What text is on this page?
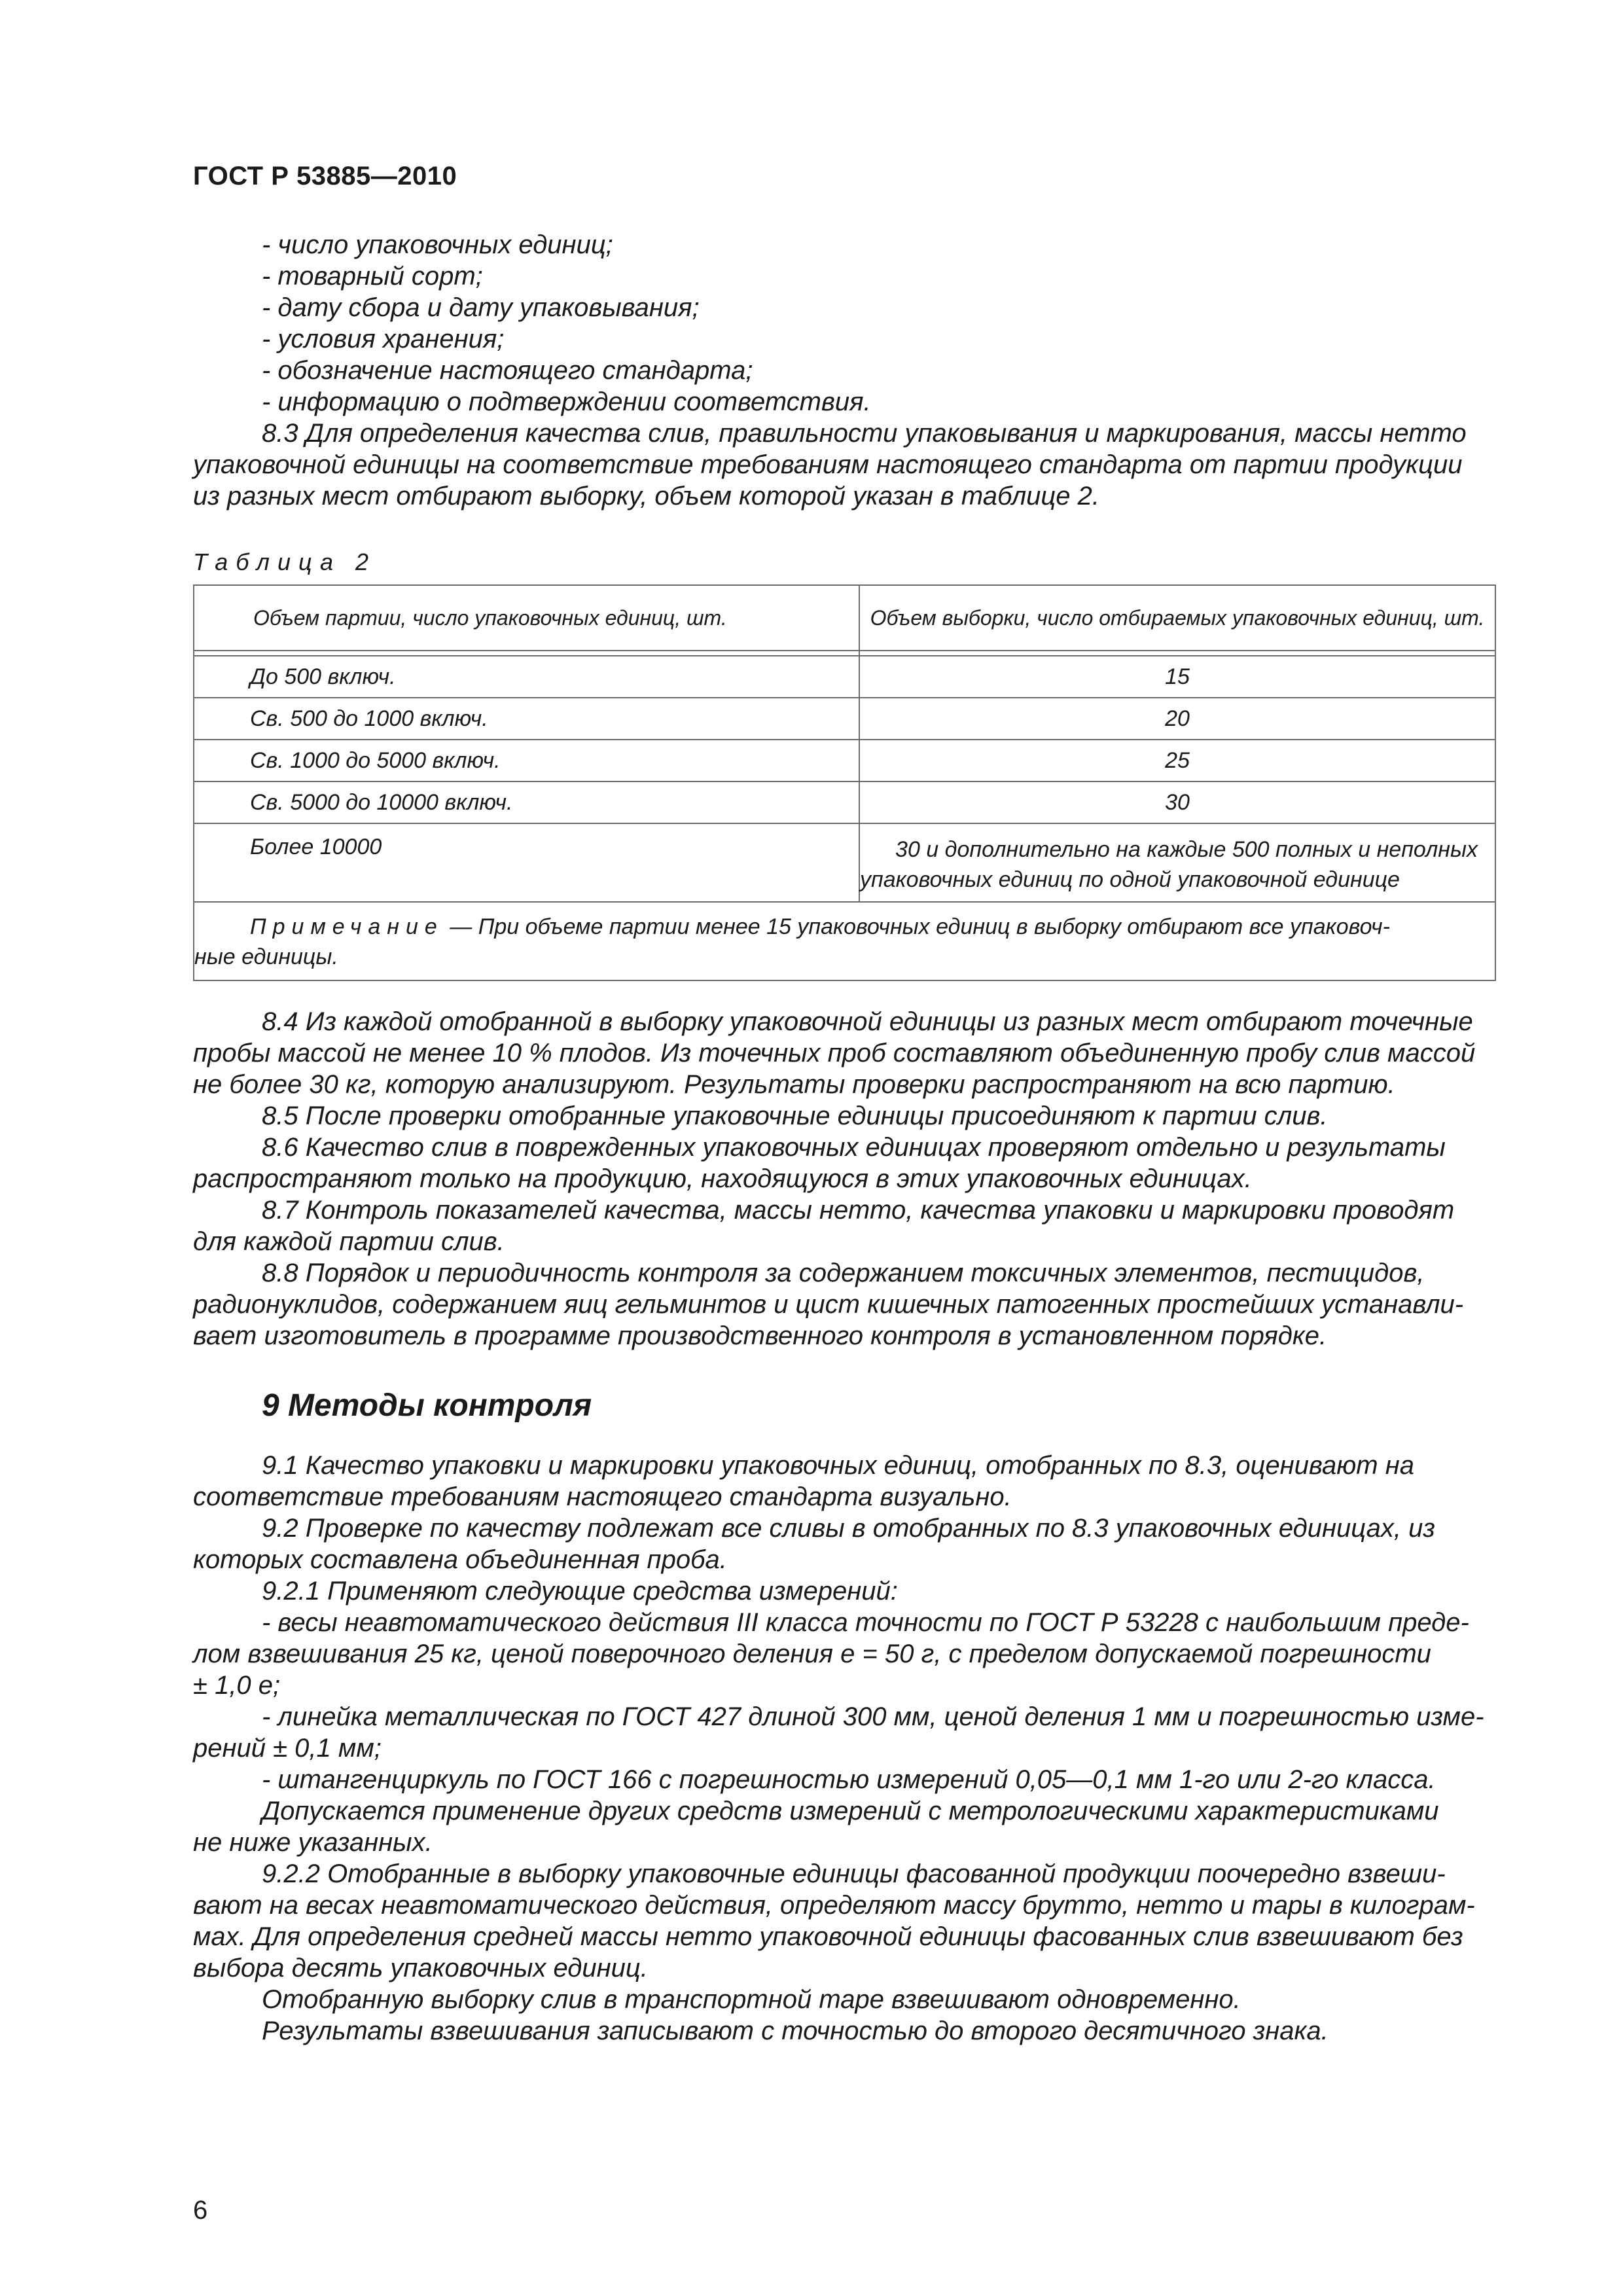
ГОСТ Р 53885—2010

- число упаковочных единиц;

- товарный сорт;

- дату сбора и дату упаковывания;

- условия хранения;

- обозначение настоящего стандарта;

- информацию о подтверждении соответствия.

8.3 Для определения качества слив, правильности упаковывания и маркирования, массы нетто

упаковочной единицы на соответствие требованиям настоящего стандарта от партии продукции

из разных мест отбирают выборку, объем которой указан в таблице 2.

Таблица 2
Объем партии, число упаковочных единиц, шт.	Объем выборки, число отбираемых упаковочных единиц, шт.

До 500 включ.	15
Св. 500 до 1000 включ.	20
Св. 1000 до 5000 включ.	25
Св. 5000 до 10000 включ.	30
Более 10000	30 и дополнительно на каждые 500 полных и неполных
упаковочных единиц по одной упаковочной единице

Примечание — При объеме партии менее 15 упаковочных единиц в выборку отбирают все упаковоч-
ные единицы.	

8.4 Из каждой отобранной в выборку упаковочной единицы из разных мест отбирают точечные

пробы массой не менее 10 % плодов. Из точечных проб составляют объединенную пробу слив массой

не более 30 кг, которую анализируют. Результаты проверки распространяют на всю партию.

8.5 После проверки отобранные упаковочные единицы присоединяют к партии слив.

8.6 Качество слив в поврежденных упаковочных единицах проверяют отдельно и результаты

распространяют только на продукцию, находящуюся в этих упаковочных единицах.

8.7 Контроль показателей качества, массы нетто, качества упаковки и маркировки проводят

для каждой партии слив.

8.8 Порядок и периодичность контроля за содержанием токсичных элементов, пестицидов,

радионуклидов, содержанием яиц гельминтов и цист кишечных патогенных простейших устанавли-

вает изготовитель в программе производственного контроля в установленном порядке.

9 Методы контроля

9.1 Качество упаковки и маркировки упаковочных единиц, отобранных по 8.3, оценивают на

соответствие требованиям настоящего стандарта визуально.

9.2 Проверке по качеству подлежат все сливы в отобранных по 8.3 упаковочных единицах, из

которых составлена объединенная проба.

9.2.1 Применяют следующие средства измерений:

- весы неавтоматического действия III класса точности по ГОСТ Р 53228 с наибольшим преде-

лом взвешивания 25 кг, ценой поверочного деления е = 50 г, с пределом допускаемой погрешности

± 1,0 е;

- линейка металлическая по ГОСТ 427 длиной 300 мм, ценой деления 1 мм и погрешностью изме-

рений ± 0,1 мм;

- штангенциркуль по ГОСТ 166 с погрешностью измерений 0,05—0,1 мм 1-го или 2-го класса.

Допускается применение других средств измерений с метрологическими характеристиками

не ниже указанных.

9.2.2 Отобранные в выборку упаковочные единицы фасованной продукции поочередно взвеши-

вают на весах неавтоматического действия, определяют массу брутто, нетто и тары в килограм-

мах. Для определения средней массы нетто упаковочной единицы фасованных слив взвешивают без

выбора десять упаковочных единиц.

Отобранную выборку слив в транспортной таре взвешивают одновременно.

Результаты взвешивания записывают с точностью до второго десятичного знака.

6
